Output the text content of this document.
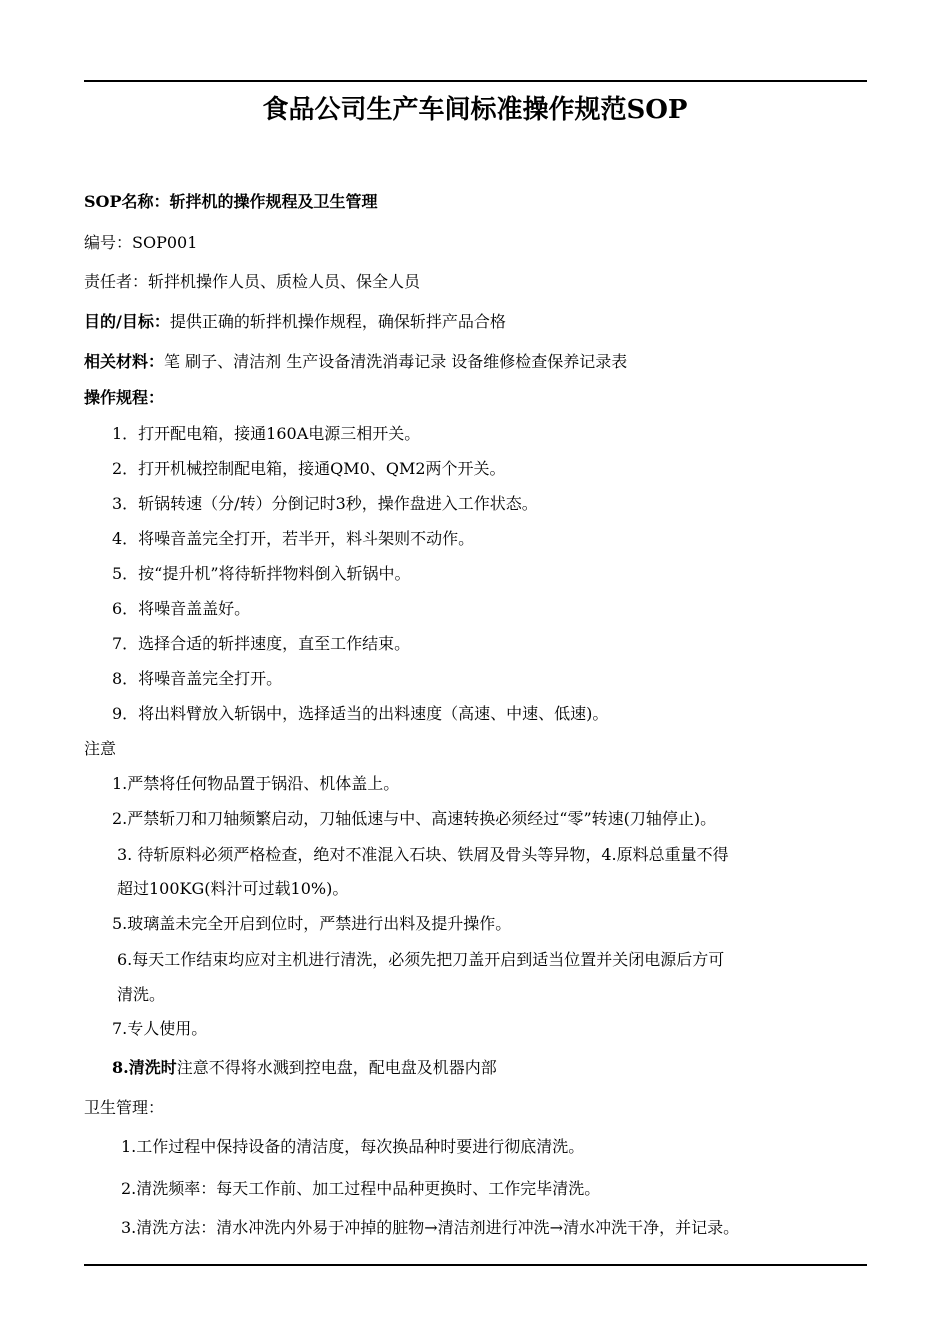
食品公司生产车间标准操作规范SOP
SOP名称：斩拌机的操作规程及卫生管理
编号：SOP001
责任者：斩拌机操作人员、质检人员、保全人员
目的/目标：提供正确的斩拌机操作规程，确保斩拌产品合格
相关材料：笔 刷子、清洁剂 生产设备清洗消毒记录 设备维修检查保养记录表
操作规程：
1．打开配电箱，接通160A电源三相开关。
2．打开机械控制配电箱，接通QM0、QM2两个开关。
3．斩锅转速（分/转）分倒记时3秒，操作盘进入工作状态。
4．将噪音盖完全打开，若半开，料斗架则不动作。
5．按“提升机”将待斩拌物料倒入斩锅中。
6．将噪音盖盖好。
7．选择合适的斩拌速度，直至工作结束。
8．将噪音盖完全打开。
9．将出料臂放入斩锅中，选择适当的出料速度（高速、中速、低速)。
注意
1.严禁将任何物品置于锅沿、机体盖上。
2.严禁斩刀和刀轴频繁启动，刀轴低速与中、高速转换必须经过“零”转速(刀轴停止)。
3. 待斩原料必须严格检查，绝对不准混入石块、铁屑及骨头等异物，4.原料总重量不得
超过100KG(料汁可过载10%)。
5.玻璃盖未完全开启到位时，严禁进行出料及提升操作。
6.每天工作结束均应对主机进行清洗，必须先把刀盖开启到适当位置并关闭电源后方可
清洗。
7.专人使用。
8.清洗时注意不得将水溅到控电盘，配电盘及机器内部
卫生管理：
1.工作过程中保持设备的清洁度，每次换品种时要进行彻底清洗。
2.清洗频率：每天工作前、加工过程中品种更换时、工作完毕清洗。
3.清洗方法：清水冲洗内外易于冲掉的脏物→清洁剂进行冲洗→清水冲洗干净，并记录。
